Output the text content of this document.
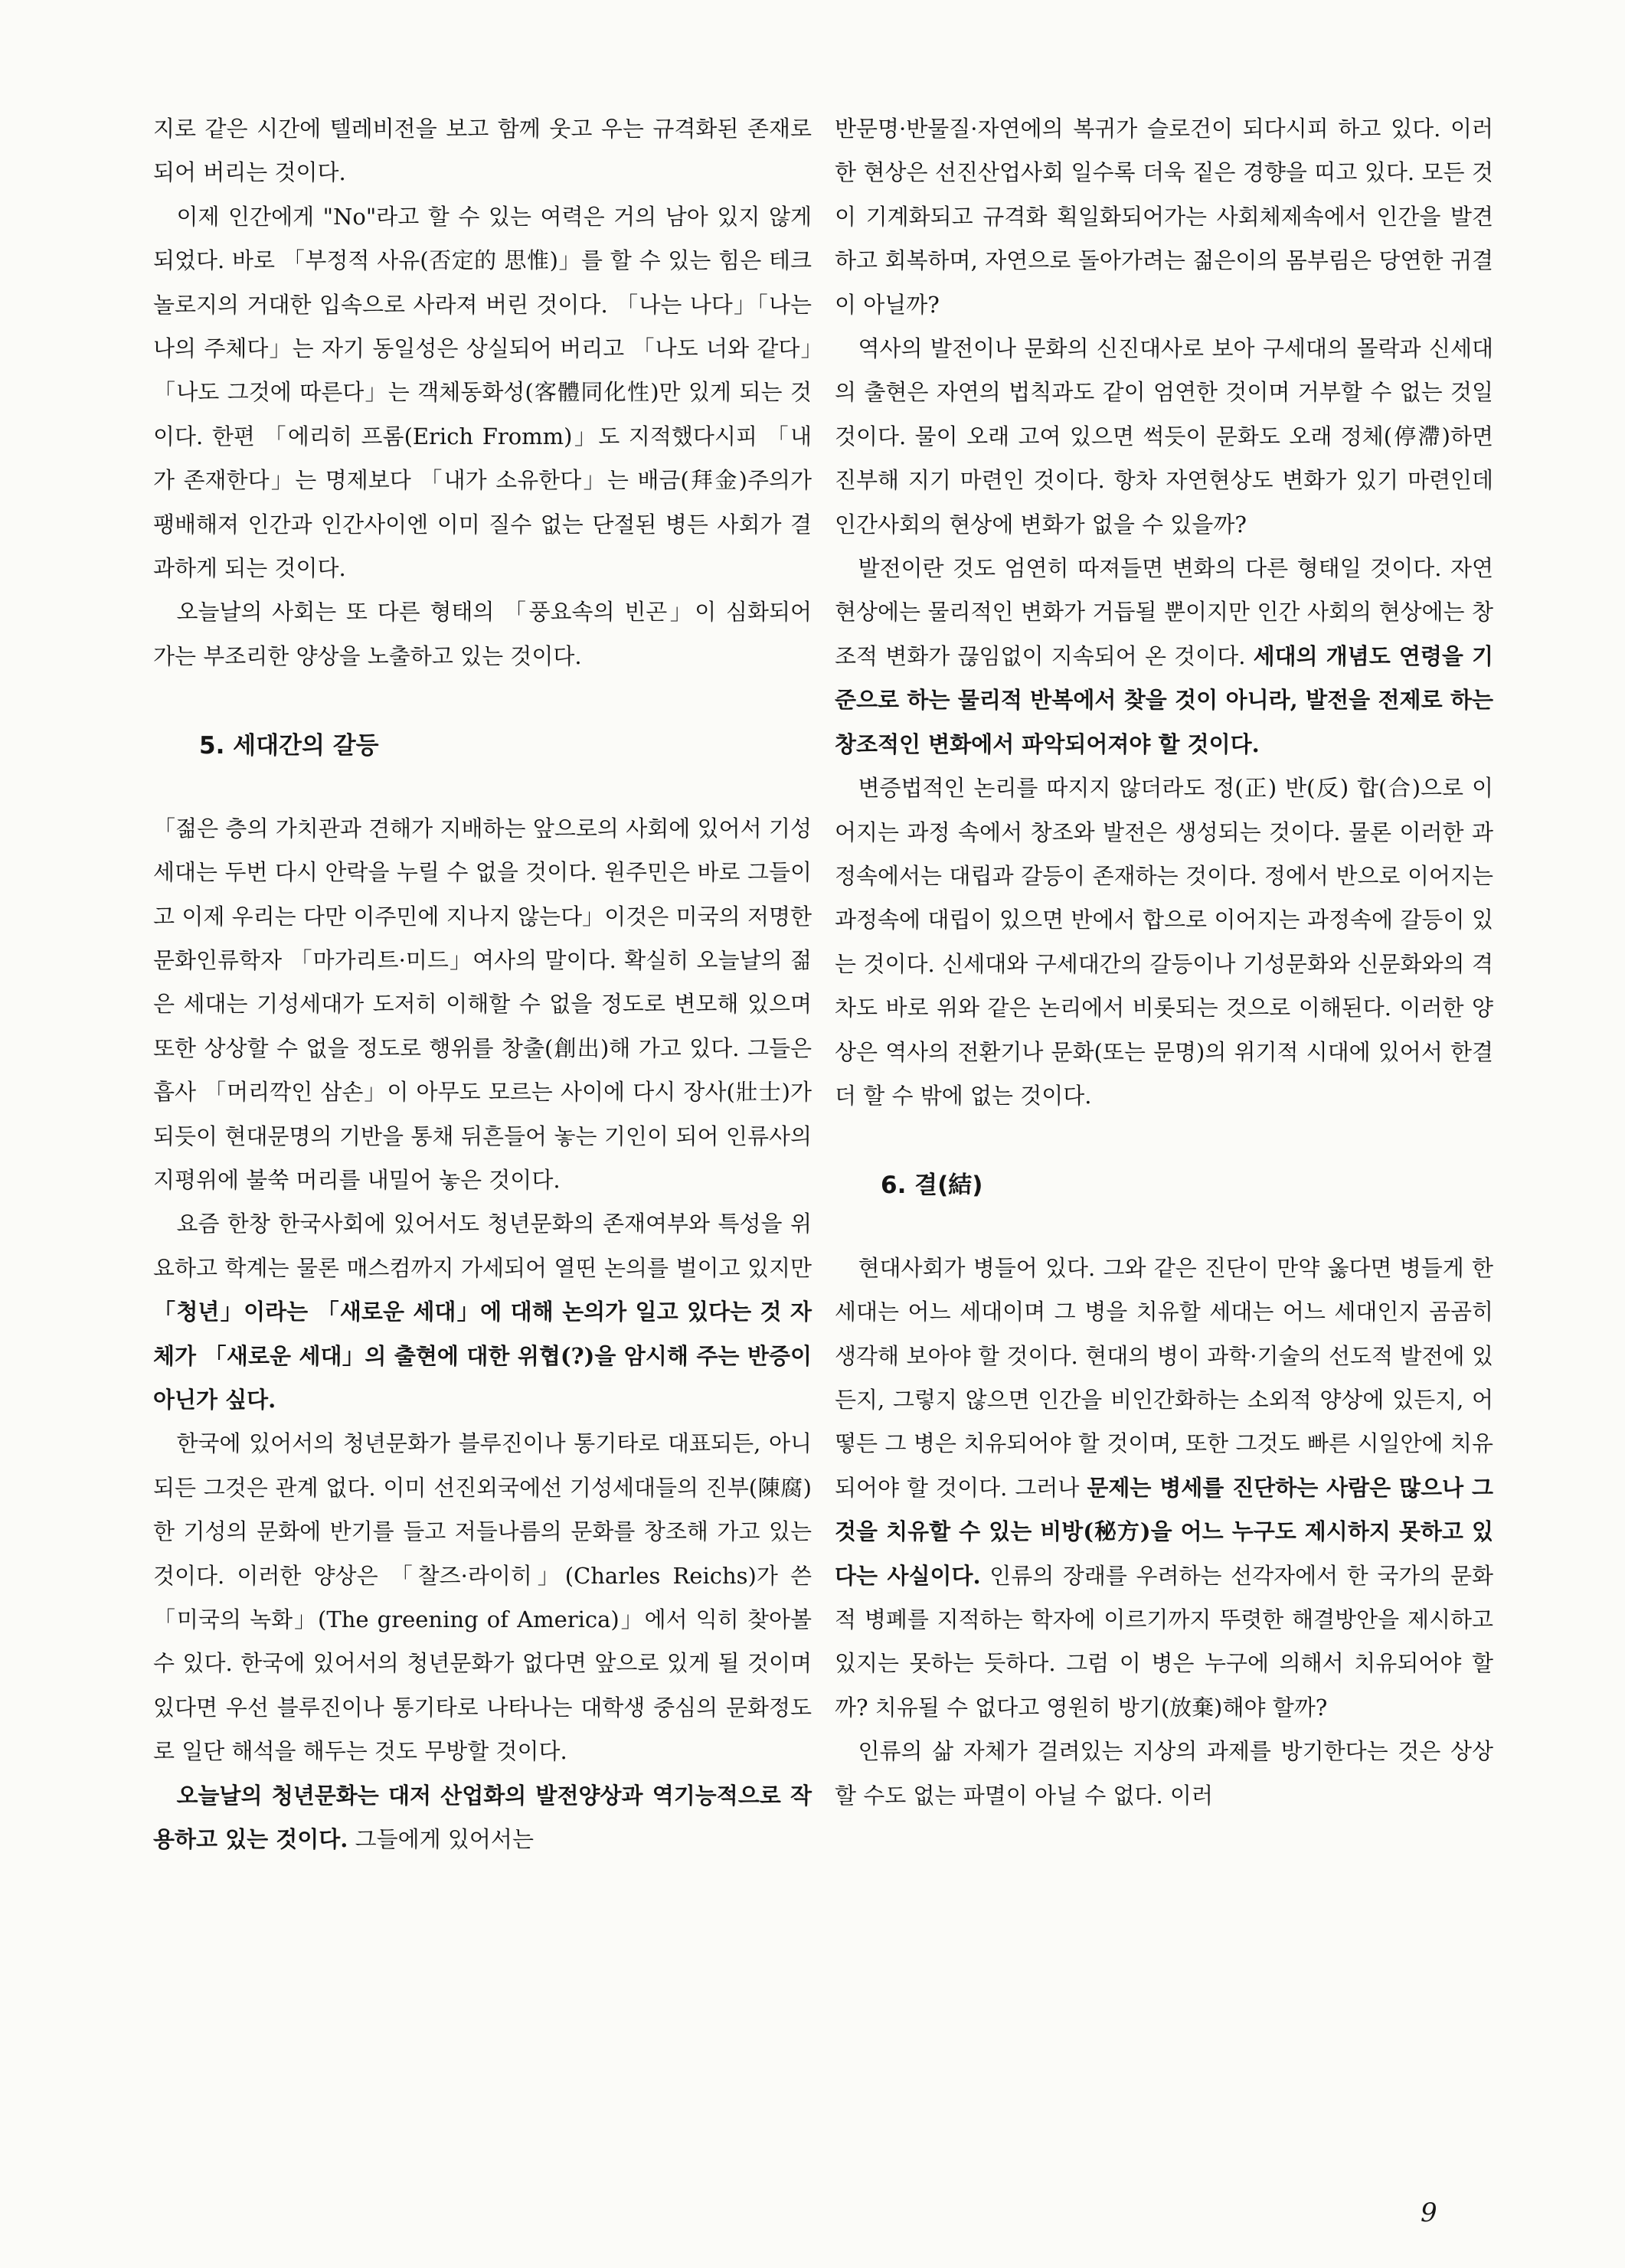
지로 같은 시간에 텔레비전을 보고 함께 웃고 우는 규격화된 존재로 되어 버리는 것이다.

이제 인간에게 "No"라고 할 수 있는 여력은 거의 남아 있지 않게 되었다. 바로 「부정적 사유(否定的 思惟)」를 할 수 있는 힘은 테크놀로지의 거대한 입속으로 사라져 버린 것이다. 「나는 나다」「나는 나의 주체다」는 자기 동일성은 상실되어 버리고 「나도 너와 같다」「나도 그것에 따른다」는 객체동화성(客體同化性)만 있게 되는 것이다. 한편 「에리히 프롬(Erich Fromm)」도 지적했다시피 「내가 존재한다」는 명제보다 「내가 소유한다」는 배금(拜金)주의가 팽배해져 인간과 인간사이엔 이미 질수 없는 단절된 병든 사회가 결과하게 되는 것이다.

오늘날의 사회는 또 다른 형태의 「풍요속의 빈곤」이 심화되어 가는 부조리한 양상을 노출하고 있는 것이다.

5. 세대간의 갈등

「젊은 층의 가치관과 견해가 지배하는 앞으로의 사회에 있어서 기성세대는 두번 다시 안락을 누릴 수 없을 것이다. 원주민은 바로 그들이고 이제 우리는 다만 이주민에 지나지 않는다」이것은 미국의 저명한 문화인류학자 「마가리트·미드」여사의 말이다. 확실히 오늘날의 젊은 세대는 기성세대가 도저히 이해할 수 없을 정도로 변모해 있으며 또한 상상할 수 없을 정도로 행위를 창출(創出)해 가고 있다. 그들은 흡사 「머리깍인 삼손」이 아무도 모르는 사이에 다시 장사(壯士)가 되듯이 현대문명의 기반을 통채 뒤흔들어 놓는 기인이 되어 인류사의 지평위에 불쑥 머리를 내밀어 놓은 것이다.

요즘 한창 한국사회에 있어서도 청년문화의 존재여부와 특성을 위요하고 학계는 물론 매스컴까지 가세되어 열띤 논의를 벌이고 있지만 「청년」이라는 「새로운 세대」에 대해 논의가 일고 있다는 것 자체가 「새로운 세대」의 출현에 대한 위협(?)을 암시해 주는 반증이 아닌가 싶다.

한국에 있어서의 청년문화가 블루진이나 통기타로 대표되든, 아니되든 그것은 관계 없다. 이미 선진외국에선 기성세대들의 진부(陳腐)한 기성의 문화에 반기를 들고 저들나름의 문화를 창조해 가고 있는 것이다. 이러한 양상은 「찰즈·라이히」(Charles Reichs)가 쓴 「미국의 녹화」(The greening of America)」에서 익히 찾아볼 수 있다. 한국에 있어서의 청년문화가 없다면 앞으로 있게 될 것이며 있다면 우선 블루진이나 통기타로 나타나는 대학생 중심의 문화정도로 일단 해석을 해두는 것도 무방할 것이다.

오늘날의 청년문화는 대저 산업화의 발전양상과 역기능적으로 작용하고 있는 것이다. 그들에게 있어서는

반문명·반물질·자연에의 복귀가 슬로건이 되다시피 하고 있다. 이러한 현상은 선진산업사회 일수록 더욱 짙은 경향을 띠고 있다. 모든 것이 기계화되고 규격화 획일화되어가는 사회체제속에서 인간을 발견하고 회복하며, 자연으로 돌아가려는 젊은이의 몸부림은 당연한 귀결이 아닐까?

역사의 발전이나 문화의 신진대사로 보아 구세대의 몰락과 신세대의 출현은 자연의 법칙과도 같이 엄연한 것이며 거부할 수 없는 것일 것이다. 물이 오래 고여 있으면 썩듯이 문화도 오래 정체(停滯)하면 진부해 지기 마련인 것이다. 항차 자연현상도 변화가 있기 마련인데 인간사회의 현상에 변화가 없을 수 있을까?

발전이란 것도 엄연히 따져들면 변화의 다른 형태일 것이다. 자연현상에는 물리적인 변화가 거듭될 뿐이지만 인간 사회의 현상에는 창조적 변화가 끊임없이 지속되어 온 것이다. 세대의 개념도 연령을 기준으로 하는 물리적 반복에서 찾을 것이 아니라, 발전을 전제로 하는 창조적인 변화에서 파악되어져야 할 것이다.

변증법적인 논리를 따지지 않더라도 정(正) 반(反) 합(合)으로 이어지는 과정 속에서 창조와 발전은 생성되는 것이다. 물론 이러한 과정속에서는 대립과 갈등이 존재하는 것이다. 정에서 반으로 이어지는 과정속에 대립이 있으면 반에서 합으로 이어지는 과정속에 갈등이 있는 것이다. 신세대와 구세대간의 갈등이나 기성문화와 신문화와의 격차도 바로 위와 같은 논리에서 비롯되는 것으로 이해된다. 이러한 양상은 역사의 전환기나 문화(또는 문명)의 위기적 시대에 있어서 한결 더 할 수 밖에 없는 것이다.

6. 결(結)

현대사회가 병들어 있다. 그와 같은 진단이 만약 옳다면 병들게 한 세대는 어느 세대이며 그 병을 치유할 세대는 어느 세대인지 곰곰히 생각해 보아야 할 것이다. 현대의 병이 과학·기술의 선도적 발전에 있든지, 그렇지 않으면 인간을 비인간화하는 소외적 양상에 있든지, 어떻든 그 병은 치유되어야 할 것이며, 또한 그것도 빠른 시일안에 치유되어야 할 것이다. 그러나 문제는 병세를 진단하는 사람은 많으나 그것을 치유할 수 있는 비방(秘方)을 어느 누구도 제시하지 못하고 있다는 사실이다. 인류의 장래를 우려하는 선각자에서 한 국가의 문화적 병폐를 지적하는 학자에 이르기까지 뚜렷한 해결방안을 제시하고 있지는 못하는 듯하다. 그럼 이 병은 누구에 의해서 치유되어야 할까? 치유될 수 없다고 영원히 방기(放棄)해야 할까?

인류의 삶 자체가 걸려있는 지상의 과제를 방기한다는 것은 상상할 수도 없는 파멸이 아닐 수 없다. 이러

9
